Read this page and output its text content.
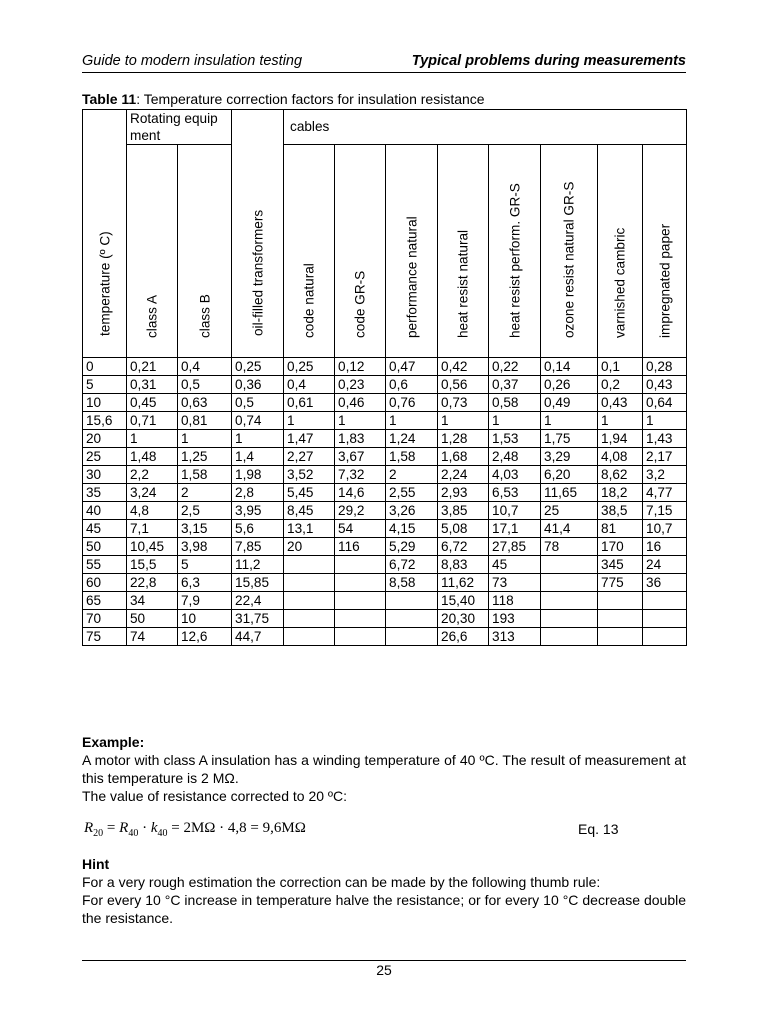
Guide to modern insulation testing	Typical problems during measurements
Table 11: Temperature correction factors for insulation resistance
temperature (º C)	Rotating equipment		oil-filled transformers	cables							

	class A	class B		code natural	code GR-S	performance natural	heat resist natural	heat resist perform. GR-S	ozone resist natural GR-S	varnished cambric	impregnated paper

0	0,21	0,4	0,25	0,25	0,12	0,47	0,42	0,22	0,14	0,1	0,28
5	0,31	0,5	0,36	0,4	0,23	0,6	0,56	0,37	0,26	0,2	0,43
10	0,45	0,63	0,5	0,61	0,46	0,76	0,73	0,58	0,49	0,43	0,64
15,6	0,71	0,81	0,74	1	1	1	1	1	1	1	1
20	1	1	1	1,47	1,83	1,24	1,28	1,53	1,75	1,94	1,43
25	1,48	1,25	1,4	2,27	3,67	1,58	1,68	2,48	3,29	4,08	2,17
30	2,2	1,58	1,98	3,52	7,32	2	2,24	4,03	6,20	8,62	3,2
35	3,24	2	2,8	5,45	14,6	2,55	2,93	6,53	11,65	18,2	4,77
40	4,8	2,5	3,95	8,45	29,2	3,26	3,85	10,7	25	38,5	7,15
45	7,1	3,15	5,6	13,1	54	4,15	5,08	17,1	41,4	81	10,7
50	10,45	3,98	7,85	20	116	5,29	6,72	27,85	78	170	16
55	15,5	5	11,2			6,72	8,83	45		345	24
60	22,8	6,3	15,85			8,58	11,62	73		775	36
65	34	7,9	22,4				15,40	118			
70	50	10	31,75				20,30	193			
75	74	12,6	44,7				26,6	313			
Example:
A motor with class A insulation has a winding temperature of 40 ºC. The result of measurement at this temperature is 2 MΩ.
The value of resistance corrected to 20 ºC:
$R_{20} = R_{40} \cdot k_{40} = 2M\Omega \cdot 4,8 = 9,6M\Omega$	Eq. 13
Hint
For a very rough estimation the correction can be made by the following thumb rule:
For every 10 °C increase in temperature halve the resistance; or for every 10 °C decrease double the resistance.
25
